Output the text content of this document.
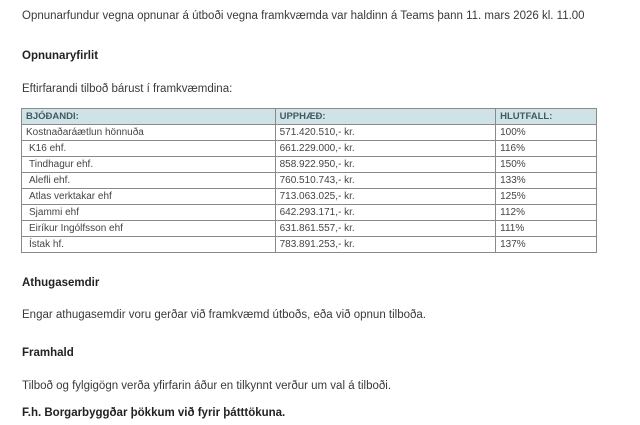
Opnunarfundur vegna opnunar á útboði vegna framkvæmda var haldinn á Teams þann 11. mars 2026 kl. 11.00
Opnunaryfirlit
Eftirfarandi tilboð bárust í framkvæmdina:
BJÓÐANDI:	UPPHÆÐ:	HLUTFALL:
Kostnaðaráætlun hönnuða	571.420.510,- kr.	100%
K16 ehf.	661.229.000,- kr.	116%
Tindhagur ehf.	858.922.950,- kr.	150%
Alefli ehf.	760.510.743,- kr.	133%
Atlas verktakar ehf	713.063.025,- kr.	125%
Sjammi ehf	642.293.171,- kr.	112%
Eiríkur Ingólfsson ehf	631.861.557,- kr.	111%
Ístak hf.	783.891.253,- kr.	137%
Athugasemdir
Engar athugasemdir voru gerðar við framkvæmd útboðs, eða við opnun tilboða.
Framhald
Tilboð og fylgigögn verða yfirfarin áður en tilkynnt verður um val á tilboði.
F.h. Borgarbyggðar þökkum við fyrir þátttökuna.
